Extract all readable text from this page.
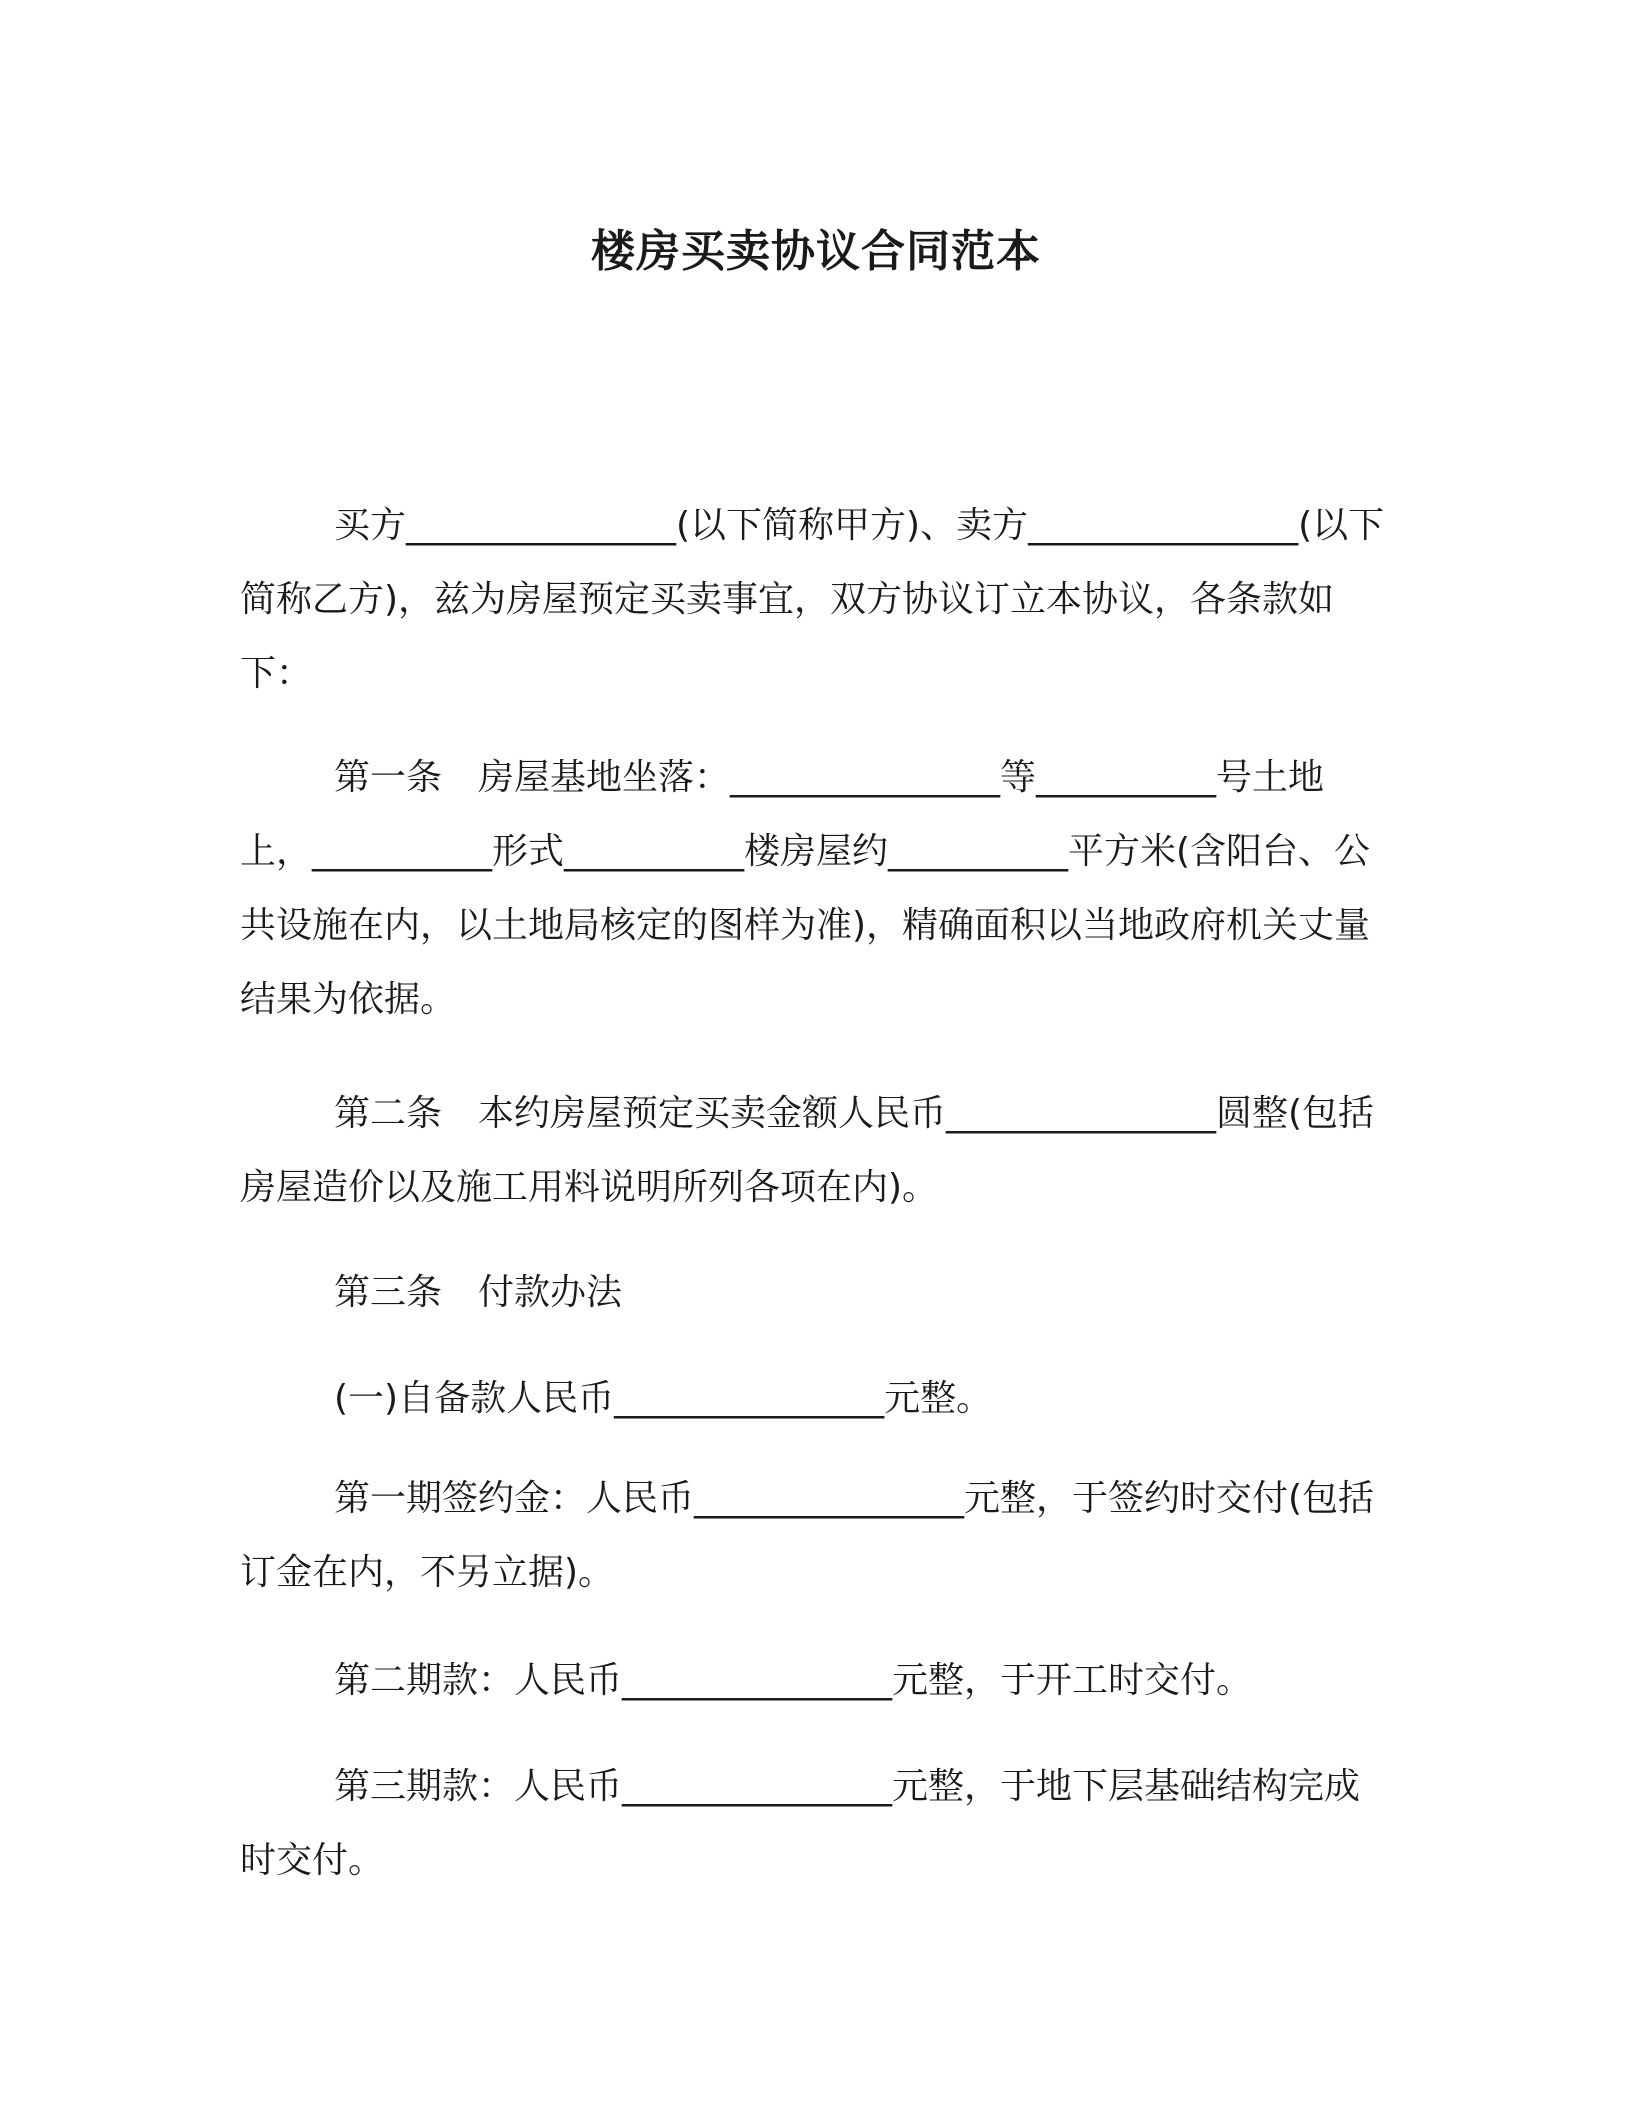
楼房买卖协议合同范本

买方_______________(以下简称甲方)、卖方_______________(以下简称乙方)，兹为房屋预定买卖事宜，双方协议订立本协议，各条款如下：

第一条　房屋基地坐落：_______________等__________号土地上，__________形式__________楼房屋约__________平方米(含阳台、公共设施在内，以土地局核定的图样为准)，精确面积以当地政府机关丈量结果为依据。

第二条　本约房屋预定买卖金额人民币_______________圆整(包括房屋造价以及施工用料说明所列各项在内)。

第三条　付款办法

(一)自备款人民币_______________元整。

第一期签约金：人民币_______________元整，于签约时交付(包括订金在内，不另立据)。

第二期款：人民币_______________元整，于开工时交付。

第三期款：人民币_______________元整，于地下层基础结构完成时交付。
